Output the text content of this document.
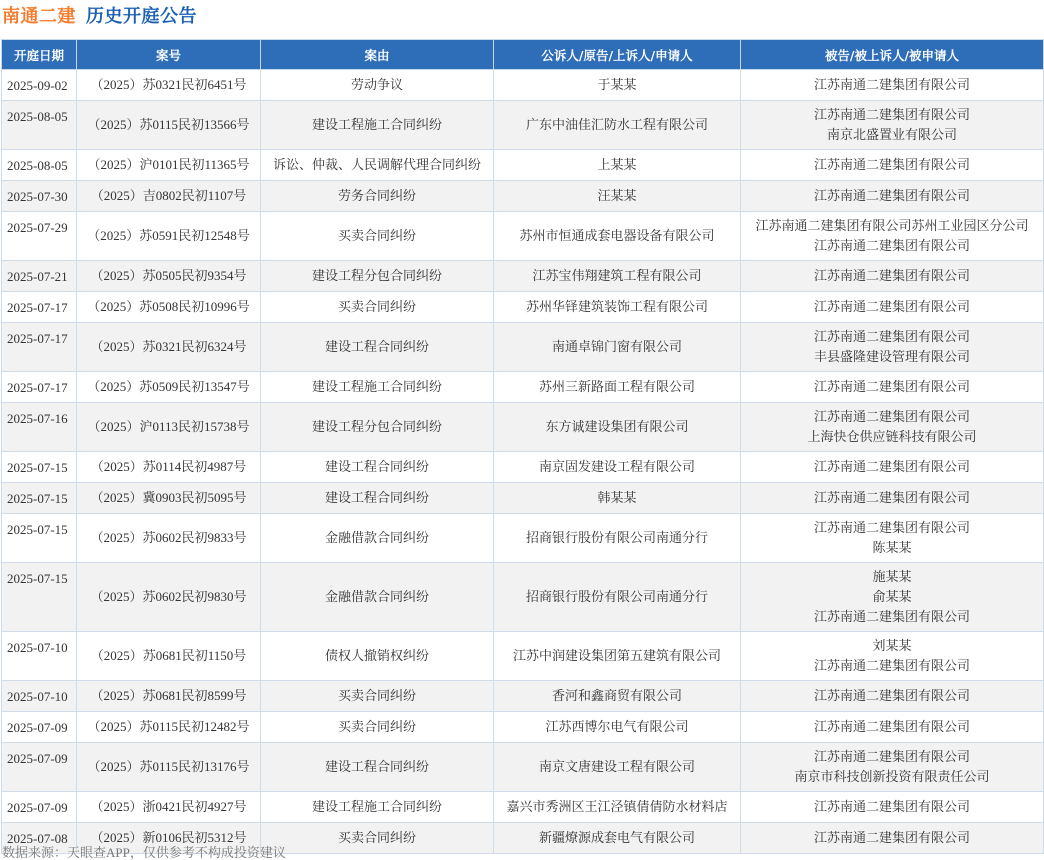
南通二建 历史开庭公告
开庭日期	案号	案由	公诉人/原告/上诉人/申请人	被告/被上诉人/被申请人
2025-09-02	（2025）苏0321民初6451号	劳动争议	于某某	江苏南通二建集团有限公司

2025-08-05	（2025）苏0115民初13566号	建设工程施工合同纠纷	广东中油佳汇防水工程有限公司	江苏南通二建集团有限公司
南京北盛置业有限公司

2025-08-05	（2025）沪0101民初11365号	诉讼、仲裁、人民调解代理合同纠纷	上某某	江苏南通二建集团有限公司

2025-07-30	（2025）吉0802民初1107号	劳务合同纠纷	汪某某	江苏南通二建集团有限公司

2025-07-29	（2025）苏0591民初12548号	买卖合同纠纷	苏州市恒通成套电器设备有限公司	江苏南通二建集团有限公司苏州工业园区分公司
江苏南通二建集团有限公司

2025-07-21	（2025）苏0505民初9354号	建设工程分包合同纠纷	江苏宝伟翔建筑工程有限公司	江苏南通二建集团有限公司

2025-07-17	（2025）苏0508民初10996号	买卖合同纠纷	苏州华铎建筑装饰工程有限公司	江苏南通二建集团有限公司

2025-07-17	（2025）苏0321民初6324号	建设工程合同纠纷	南通卓锦门窗有限公司	江苏南通二建集团有限公司
丰县盛隆建设管理有限公司

2025-07-17	（2025）苏0509民初13547号	建设工程施工合同纠纷	苏州三新路面工程有限公司	江苏南通二建集团有限公司

2025-07-16	（2025）沪0113民初15738号	建设工程分包合同纠纷	东方诚建设集团有限公司	江苏南通二建集团有限公司
上海快仓供应链科技有限公司

2025-07-15	（2025）苏0114民初4987号	建设工程合同纠纷	南京固发建设工程有限公司	江苏南通二建集团有限公司

2025-07-15	（2025）冀0903民初5095号	建设工程合同纠纷	韩某某	江苏南通二建集团有限公司

2025-07-15	（2025）苏0602民初9833号	金融借款合同纠纷	招商银行股份有限公司南通分行	江苏南通二建集团有限公司
陈某某

2025-07-15	（2025）苏0602民初9830号	金融借款合同纠纷	招商银行股份有限公司南通分行	施某某
俞某某
江苏南通二建集团有限公司

2025-07-10	（2025）苏0681民初1150号	债权人撤销权纠纷	江苏中润建设集团第五建筑有限公司	刘某某
江苏南通二建集团有限公司

2025-07-10	（2025）苏0681民初8599号	买卖合同纠纷	香河和鑫商贸有限公司	江苏南通二建集团有限公司

2025-07-09	（2025）苏0115民初12482号	买卖合同纠纷	江苏西博尔电气有限公司	江苏南通二建集团有限公司

2025-07-09	（2025）苏0115民初13176号	建设工程合同纠纷	南京文唐建设工程有限公司	江苏南通二建集团有限公司
南京市科技创新投资有限责任公司

2025-07-09	（2025）浙0421民初4927号	建设工程施工合同纠纷	嘉兴市秀洲区王江泾镇倩倩防水材料店	江苏南通二建集团有限公司

2025-07-08	（2025）新0106民初5312号	买卖合同纠纷	新疆燎源成套电气有限公司	江苏南通二建集团有限公司
数据来源：天眼查APP，仅供参考不构成投资建议
